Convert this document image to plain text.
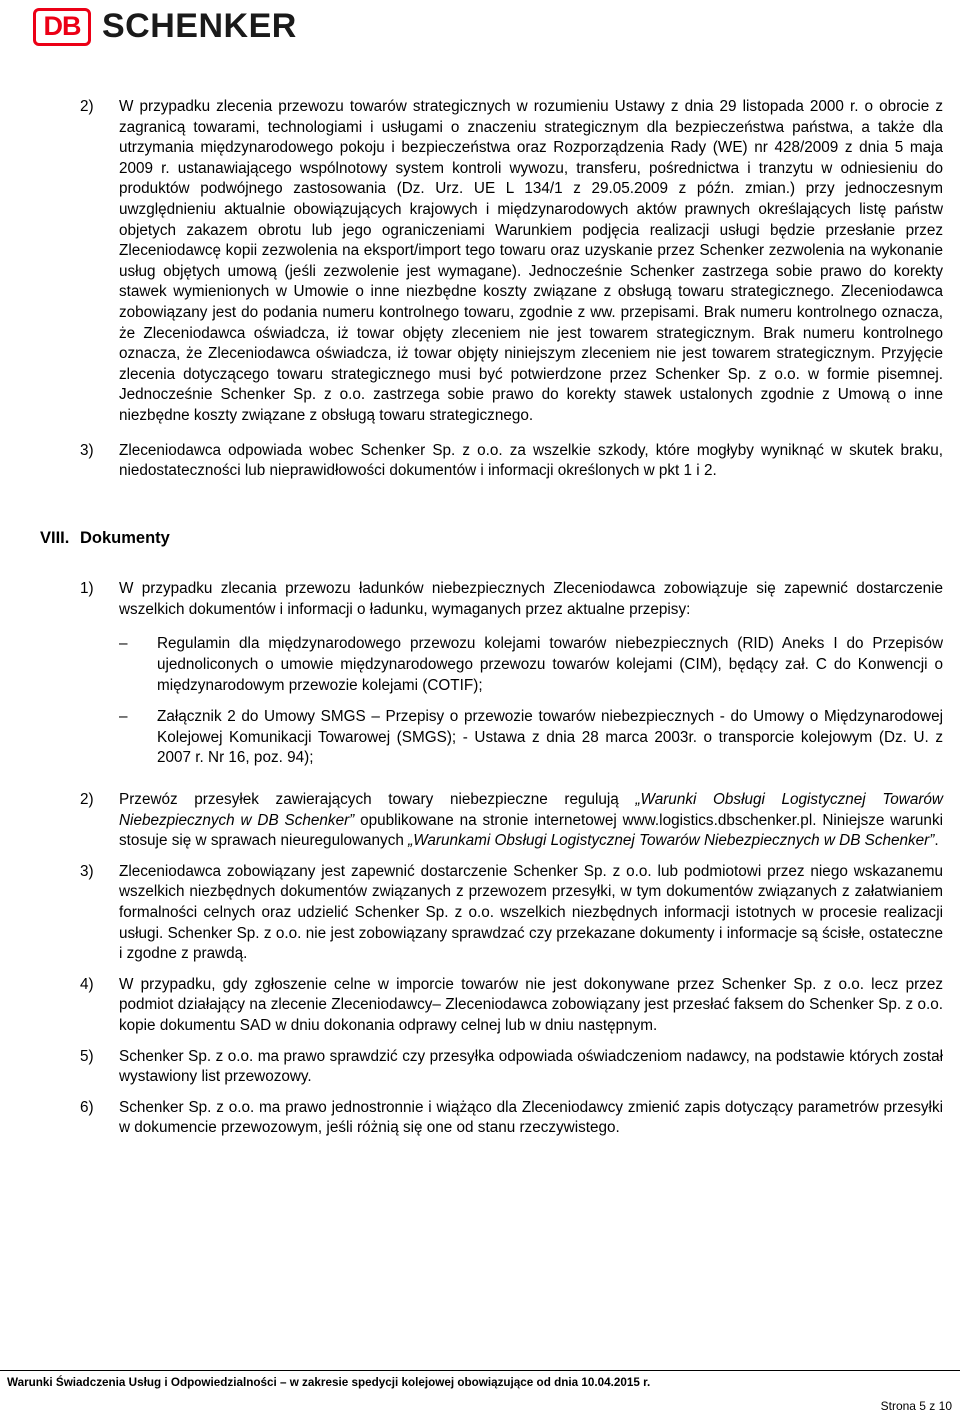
DB SCHENKER
2)	W przypadku zlecenia przewozu towarów strategicznych w rozumieniu Ustawy z dnia 29 listopada 2000 r. o obrocie z zagranicą towarami, technologiami i usługami o znaczeniu strategicznym dla bezpieczeństwa państwa, a także dla utrzymania międzynarodowego pokoju i bezpieczeństwa oraz Rozporządzenia Rady (WE) nr 428/2009 z dnia 5 maja 2009 r. ustanawiającego wspólnotowy system kontroli wywozu, transferu, pośrednictwa i tranzytu w odniesieniu do produktów podwójnego zastosowania (Dz. Urz. UE L 134/1 z 29.05.2009 z późn. zmian.) przy jednoczesnym uwzględnieniu aktualnie obowiązujących krajowych i międzynarodowych aktów prawnych określających listę państw objetych zakazem obrotu lub jego ograniczeniami Warunkiem podjęcia realizacji usługi będzie przesłanie przez Zleceniodawcę kopii zezwolenia na eksport/import tego towaru oraz uzyskanie przez Schenker zezwolenia na wykonanie usług objętych umową (jeśli zezwolenie jest wymagane). Jednocześnie Schenker zastrzega sobie prawo do korekty stawek wymienionych w Umowie o inne niezbędne koszty związane z obsługą towaru strategicznego. Zleceniodawca zobowiązany jest do podania numeru kontrolnego towaru, zgodnie z ww. przepisami. Brak numeru kontrolnego oznacza, że Zleceniodawca oświadcza, iż towar objęty zleceniem nie jest towarem strategicznym. Brak numeru kontrolnego oznacza, że Zleceniodawca oświadcza, iż towar objęty niniejszym zleceniem nie jest towarem strategicznym. Przyjęcie zlecenia dotyczącego towaru strategicznego musi być potwierdzone przez Schenker Sp. z o.o. w formie pisemnej. Jednocześnie Schenker Sp. z o.o. zastrzega sobie prawo do korekty stawek ustalonych zgodnie z Umową o inne niezbędne koszty związane z obsługą towaru strategicznego.
3)	Zleceniodawca odpowiada wobec Schenker Sp. z o.o. za wszelkie szkody, które mogłyby wyniknąć w skutek braku, niedostateczności lub nieprawidłowości dokumentów i informacji określonych w pkt 1 i 2.
VIII. Dokumenty
1)	W przypadku zlecania przewozu ładunków niebezpiecznych Zleceniodawca zobowiązuje się zapewnić dostarczenie wszelkich dokumentów i informacji o ładunku, wymaganych przez aktualne przepisy:
–	Regulamin dla międzynarodowego przewozu kolejami towarów niebezpiecznych (RID) Aneks I do Przepisów ujednoliconych o umowie międzynarodowego przewozu towarów kolejami (CIM), będący zał. C do Konwencji o międzynarodowym przewozie kolejami (COTIF);
–	Załącznik 2 do Umowy SMGS – Przepisy o przewozie towarów niebezpiecznych - do Umowy o Międzynarodowej Kolejowej Komunikacji Towarowej (SMGS); - Ustawa z dnia 28 marca 2003r. o transporcie kolejowym (Dz. U. z 2007 r. Nr 16, poz. 94);
2)	Przewóz przesyłek zawierających towary niebezpieczne regulują „Warunki Obsługi Logistycznej Towarów Niebezpiecznych w DB Schenker” opublikowane na stronie internetowej www.logistics.dbschenker.pl. Niniejsze warunki stosuje się w sprawach nieuregulowanych „Warunkami Obsługi Logistycznej Towarów Niebezpiecznych w DB Schenker”.
3)	Zleceniodawca zobowiązany jest zapewnić dostarczenie Schenker Sp. z o.o. lub podmiotowi przez niego wskazanemu wszelkich niezbędnych dokumentów związanych z przewozem przesyłki, w tym dokumentów związanych z załatwianiem formalności celnych oraz udzielić Schenker Sp. z o.o. wszelkich niezbędnych informacji istotnych w procesie realizacji usługi. Schenker Sp. z o.o. nie jest zobowiązany sprawdzać czy przekazane dokumenty i informacje są ścisłe, ostateczne i zgodne z prawdą.
4)	W przypadku, gdy zgłoszenie celne w imporcie towarów nie jest dokonywane przez Schenker Sp. z o.o. lecz przez podmiot działający na zlecenie Zleceniodawcy– Zleceniodawca zobowiązany jest przesłać faksem do Schenker Sp. z o.o. kopie dokumentu SAD w dniu dokonania odprawy celnej lub w dniu następnym.
5)	Schenker Sp. z o.o. ma prawo sprawdzić czy przesyłka odpowiada oświadczeniom nadawcy, na podstawie których został wystawiony list przewozowy.
6)	Schenker Sp. z o.o. ma prawo jednostronnie i wiążąco dla Zleceniodawcy zmienić zapis dotyczący parametrów przesyłki w dokumencie przewozowym, jeśli różnią się one od stanu rzeczywistego.
Warunki Świadczenia Usług i Odpowiedzialności – w zakresie spedycji kolejowej obowiązujące od dnia 10.04.2015 r.
Strona 5 z 10
